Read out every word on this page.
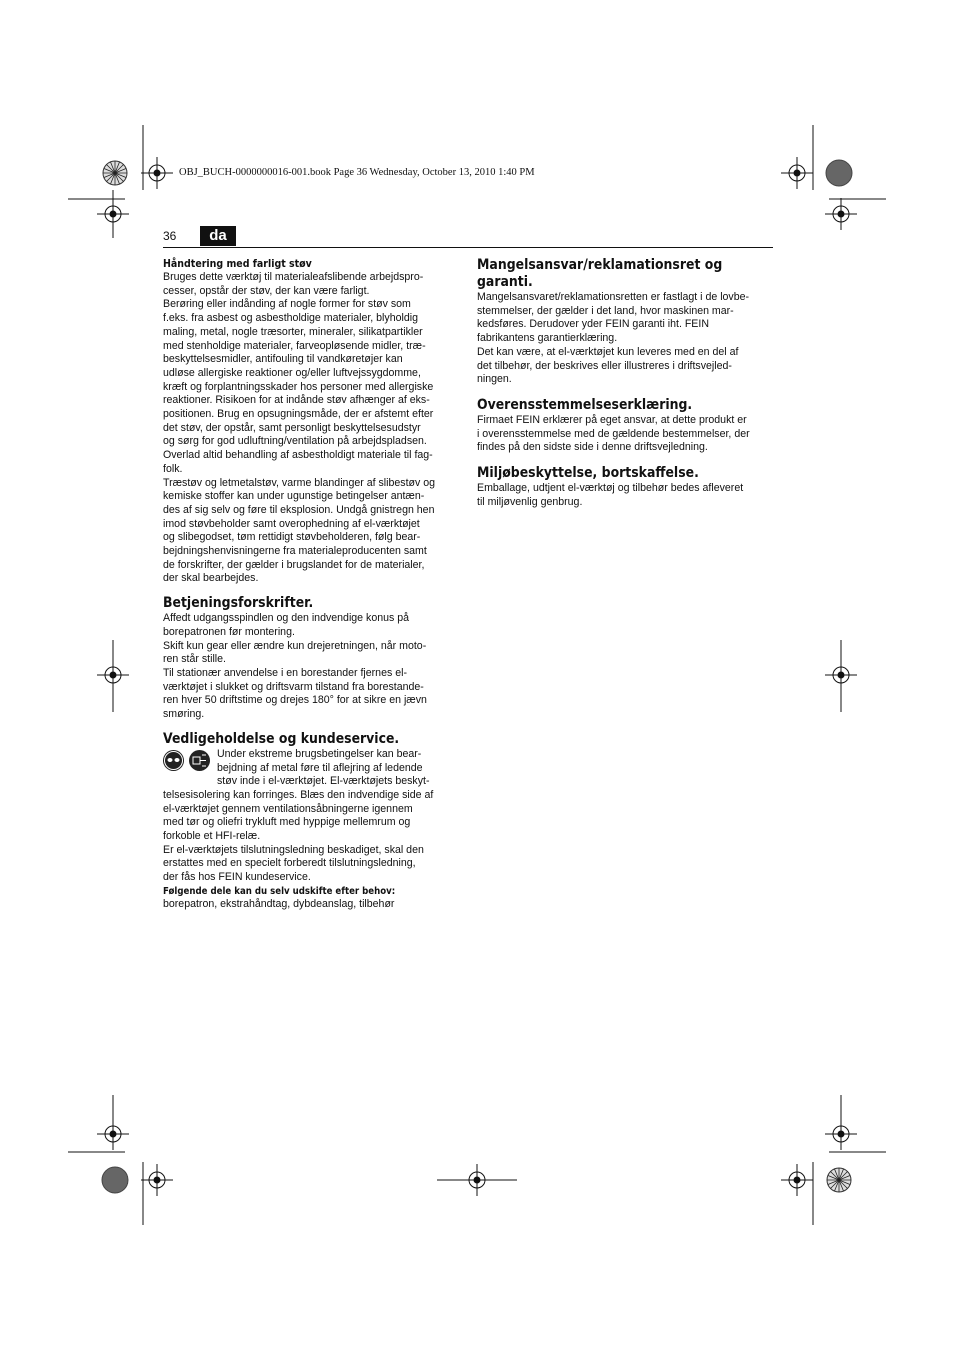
OBJ_BUCH-0000000016-001.book Page 36 Wednesday, October 13, 2010 1:40 PM
36	da

Håndtering med farligt støv

Bruges dette værktøj til materialeafslibende arbejdspro-
cesser, opstår der støv, der kan være farligt.
Berøring eller indånding af nogle former for støv som
f.eks. fra asbest og asbestholdige materialer, blyholdig
maling, metal, nogle træsorter, mineraler, silikatpartikler
med stenholdige materialer, farveopløsende midler, træ-
beskyttelsesmidler, antifouling til vandkøretøjer kan
udløse allergiske reaktioner og/eller luftvejssygdomme,
kræft og forplantningsskader hos personer med allergiske
reaktioner. Risikoen for at indånde støv afhænger af eks-
positionen. Brug en opsugningsmåde, der er afstemt efter
det støv, der opstår, samt personligt beskyttelsesudstyr
og sørg for god udluftning/ventilation på arbejdspladsen.
Overlad altid behandling af asbestholdigt materiale til fag-
folk.
Træstøv og letmetalstøv, varme blandinger af slibestøv og
kemiske stoffer kan under ugunstige betingelser antæn-
des af sig selv og føre til eksplosion. Undgå gnistregn hen
imod støvbeholder samt overophedning af el-værktøjet
og slibegodset, tøm rettidigt støvbeholderen, følg bear-
bejdningshenvisningerne fra materialeproducenten samt
de forskrifter, der gælder i brugslandet for de materialer,
der skal bearbejdes.

Betjeningsforskrifter.

Affedt udgangsspindlen og den indvendige konus på
borepatronen før montering.
Skift kun gear eller ændre kun drejeretningen, når moto-
ren står stille.
Til stationær anvendelse i en borestander fjernes el-
værktøjet i slukket og driftsvarm tilstand fra borestande-
ren hver 50 driftstime og drejes 180° for at sikre en jævn
smøring.

Vedligeholdelse og kundeservice.

Under ekstreme brugsbetingelser kan bear-
bejdning af metal føre til aflejring af ledende
støv inde i el-værktøjet. El-værktøjets beskyt-
telsesisolering kan forringes. Blæs den indvendige side af
el-værktøjet gennem ventilationsåbningerne igennem
med tør og oliefri trykluft med hyppige mellemrum og
forkoble et HFI-relæ.
Er el-værktøjets tilslutningsledning beskadiget, skal den
erstattes med en specielt forberedt tilslutningsledning,
der fås hos FEIN kundeservice.

Følgende dele kan du selv udskifte efter behov:

borepatron, ekstrahåndtag, dybdeanslag, tilbehør

Mangelsansvar/reklamationsret og

garanti.

Mangelsansvaret/reklamationsretten er fastlagt i de lovbe-
stemmelser, der gælder i det land, hvor maskinen mar-
kedsføres. Derudover yder FEIN garanti iht. FEIN
fabrikantens garantierklæring.
Det kan være, at el-værktøjet kun leveres med en del af
det tilbehør, der beskrives eller illustreres i driftsvejled-
ningen.

Overensstemmelseserklæring.

Firmaet FEIN erklærer på eget ansvar, at dette produkt er
i overensstemmelse med de gældende bestemmelser, der
findes på den sidste side i denne driftsvejledning.

Miljøbeskyttelse, bortskaffelse.

Emballage, udtjent el-værktøj og tilbehør bedes afleveret
til miljøvenlig genbrug.
